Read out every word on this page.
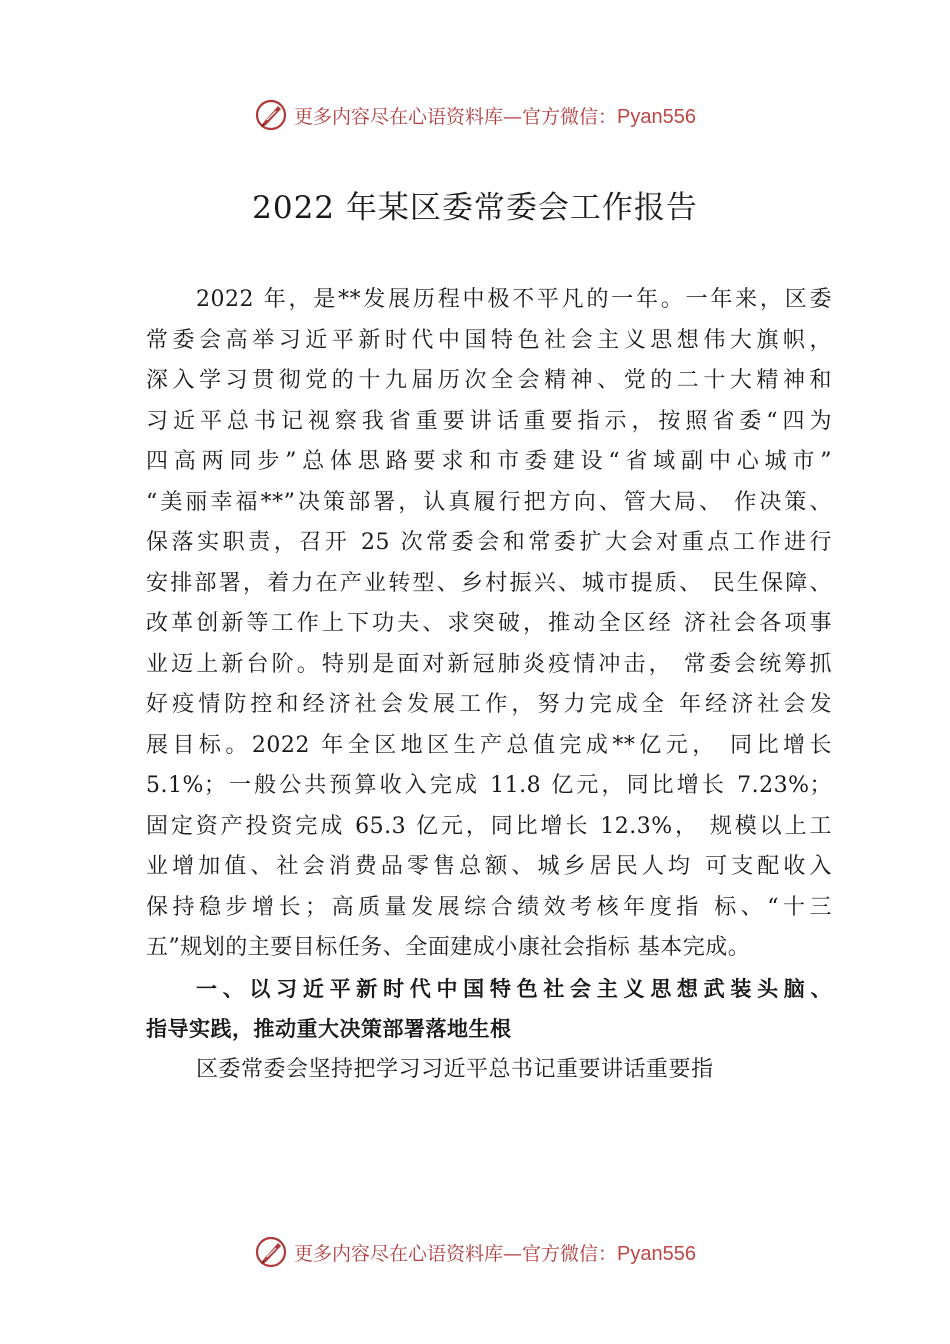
更多内容尽在心语资料库—官方微信：Pyan556
2022 年某区委常委会工作报告
2022 年，是**发展历程中极不平凡的一年。一年来，区委
常委会高举习近平新时代中国特色社会主义思想伟大旗帜，
深入学习贯彻党的十九届历次全会精神、党的二十大精神和
习近平总书记视察我省重要讲话重要指示，按照省委“四为
四高两同步”总体思路要求和市委建设“省域副中心城市”
“美丽幸福**”决策部署，认真履行把方向、管大局、 作决策、
保落实职责，召开 25 次常委会和常委扩大会对重点工作进行
安排部署，着力在产业转型、乡村振兴、城市提质、 民生保障、
改革创新等工作上下功夫、求突破，推动全区经 济社会各项事
业迈上新台阶。特别是面对新冠肺炎疫情冲击， 常委会统筹抓
好疫情防控和经济社会发展工作，努力完成全 年经济社会发
展目标。2022 年全区地区生产总值完成**亿元， 同比增长
5.1%；一般公共预算收入完成 11.8 亿元，同比增长 7.23%；
固定资产投资完成 65.3 亿元，同比增长 12.3%， 规模以上工
业增加值、社会消费品零售总额、城乡居民人均 可支配收入
保持稳步增长；高质量发展综合绩效考核年度指 标、“十三
五”规划的主要目标任务、全面建成小康社会指标 基本完成。
一、以习近平新时代中国特色社会主义思想武装头脑、
指导实践，推动重大决策部署落地生根
区委常委会坚持把学习习近平总书记重要讲话重要指
更多内容尽在心语资料库—官方微信：Pyan556
